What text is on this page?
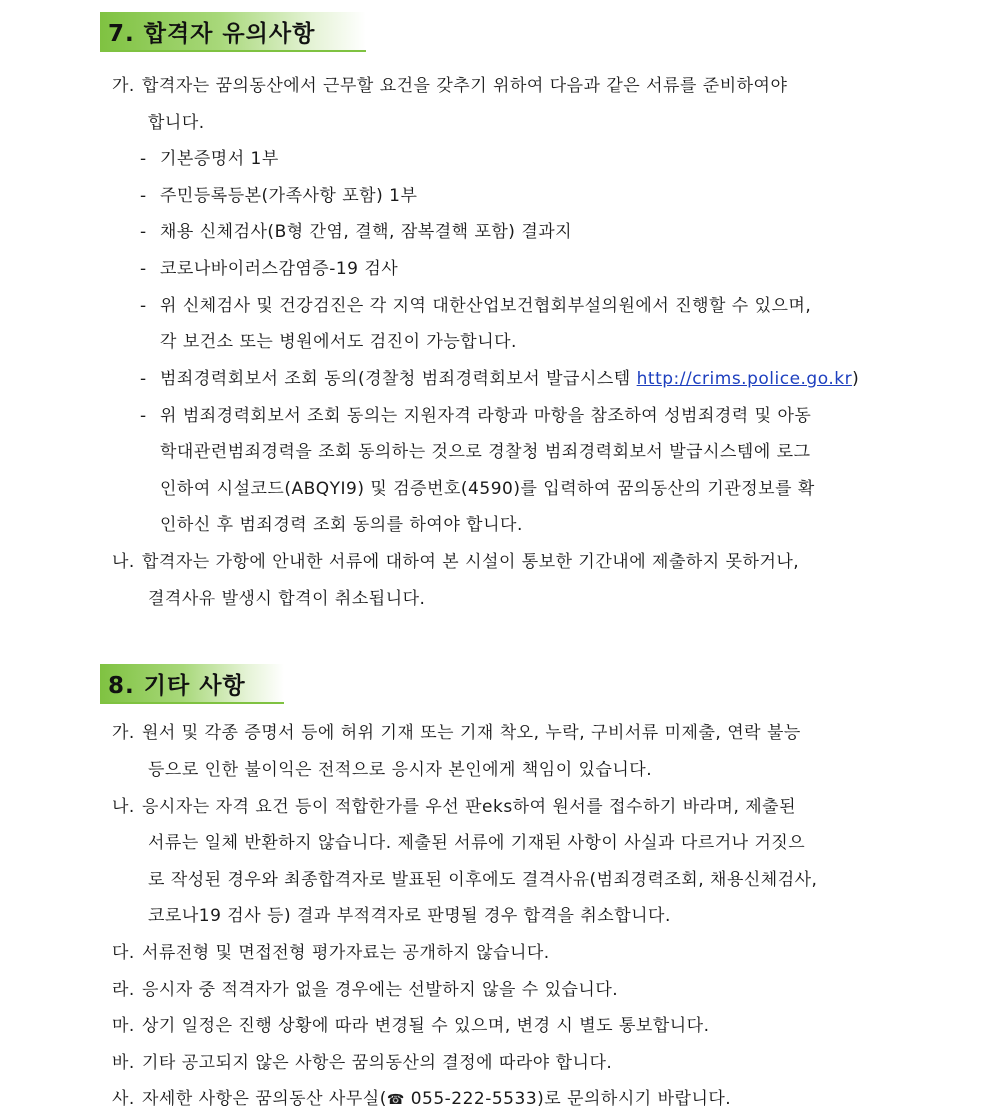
7. 합격자 유의사항
가. 합격자는 꿈의동산에서 근무할 요건을 갖추기 위하여 다음과 같은 서류를 준비하여야
합니다.
- 기본증명서 1부
- 주민등록등본(가족사항 포함) 1부
- 채용 신체검사(B형 간염, 결핵, 잠복결핵 포함) 결과지
- 코로나바이러스감염증-19 검사
- 위 신체검사 및 건강검진은 각 지역 대한산업보건협회부설의원에서 진행할 수 있으며,
각 보건소 또는 병원에서도 검진이 가능합니다.
- 범죄경력회보서 조회 동의(경찰청 범죄경력회보서 발급시스템 http://crims.police.go.kr)
- 위 범죄경력회보서 조회 동의는 지원자격 라항과 마항을 참조하여 성범죄경력 및 아동
학대관련범죄경력을 조회 동의하는 것으로 경찰청 범죄경력회보서 발급시스템에 로그
인하여 시설코드(ABQYI9) 및 검증번호(4590)를 입력하여 꿈의동산의 기관정보를 확
인하신 후 범죄경력 조회 동의를 하여야 합니다.
나. 합격자는 가항에 안내한 서류에 대하여 본 시설이 통보한 기간내에 제출하지 못하거나,
결격사유 발생시 합격이 취소됩니다.
8. 기타 사항
가. 원서 및 각종 증명서 등에 허위 기재 또는 기재 착오, 누락, 구비서류 미제출, 연락 불능
등으로 인한 불이익은 전적으로 응시자 본인에게 책임이 있습니다.
나. 응시자는 자격 요건 등이 적합한가를 우선 판eks하여 원서를 접수하기 바라며, 제출된
서류는 일체 반환하지 않습니다. 제출된 서류에 기재된 사항이 사실과 다르거나 거짓으
로 작성된 경우와 최종합격자로 발표된 이후에도 결격사유(범죄경력조회, 채용신체검사,
코로나19 검사 등) 결과 부적격자로 판명될 경우 합격을 취소합니다.
다. 서류전형 및 면접전형 평가자료는 공개하지 않습니다.
라. 응시자 중 적격자가 없을 경우에는 선발하지 않을 수 있습니다.
마. 상기 일정은 진행 상황에 따라 변경될 수 있으며, 변경 시 별도 통보합니다.
바. 기타 공고되지 않은 사항은 꿈의동산의 결정에 따라야 합니다.
사. 자세한 사항은 꿈의동산 사무실(☎ 055-222-5533)로 문의하시기 바랍니다.
